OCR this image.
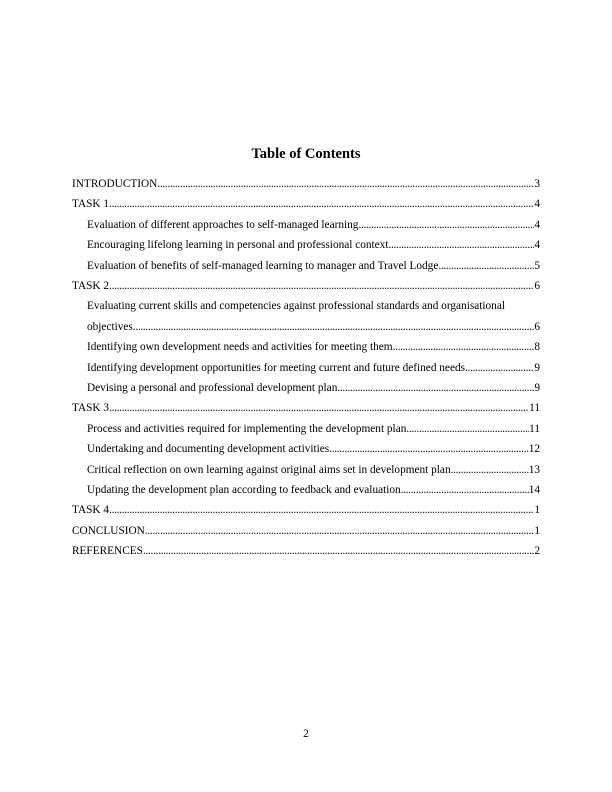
Table of Contents
INTRODUCTION .....	3
TASK 1 .....	4
Evaluation of different approaches to self-managed learning .....	4
Encouraging lifelong learning in personal and professional context .....	4
Evaluation of benefits of self-managed learning to manager and Travel Lodge .....	5
TASK 2 .....	6
Evaluating current skills and competencies against professional standards and organisational
objectives .....	6
Identifying own development needs and activities for meeting them .....	8
Identifying development opportunities for meeting current and future defined needs .....	9
Devising a personal and professional development plan .....	9
TASK 3 .....	11
Process and activities required for implementing the development plan .....	11
Undertaking and documenting development activities .....	12
Critical reflection on own learning against original aims set in development plan .....	13
Updating the development plan according to feedback and evaluation .....	14
TASK 4 .....	1
CONCLUSION .....	1
REFERENCES .....	2
2
